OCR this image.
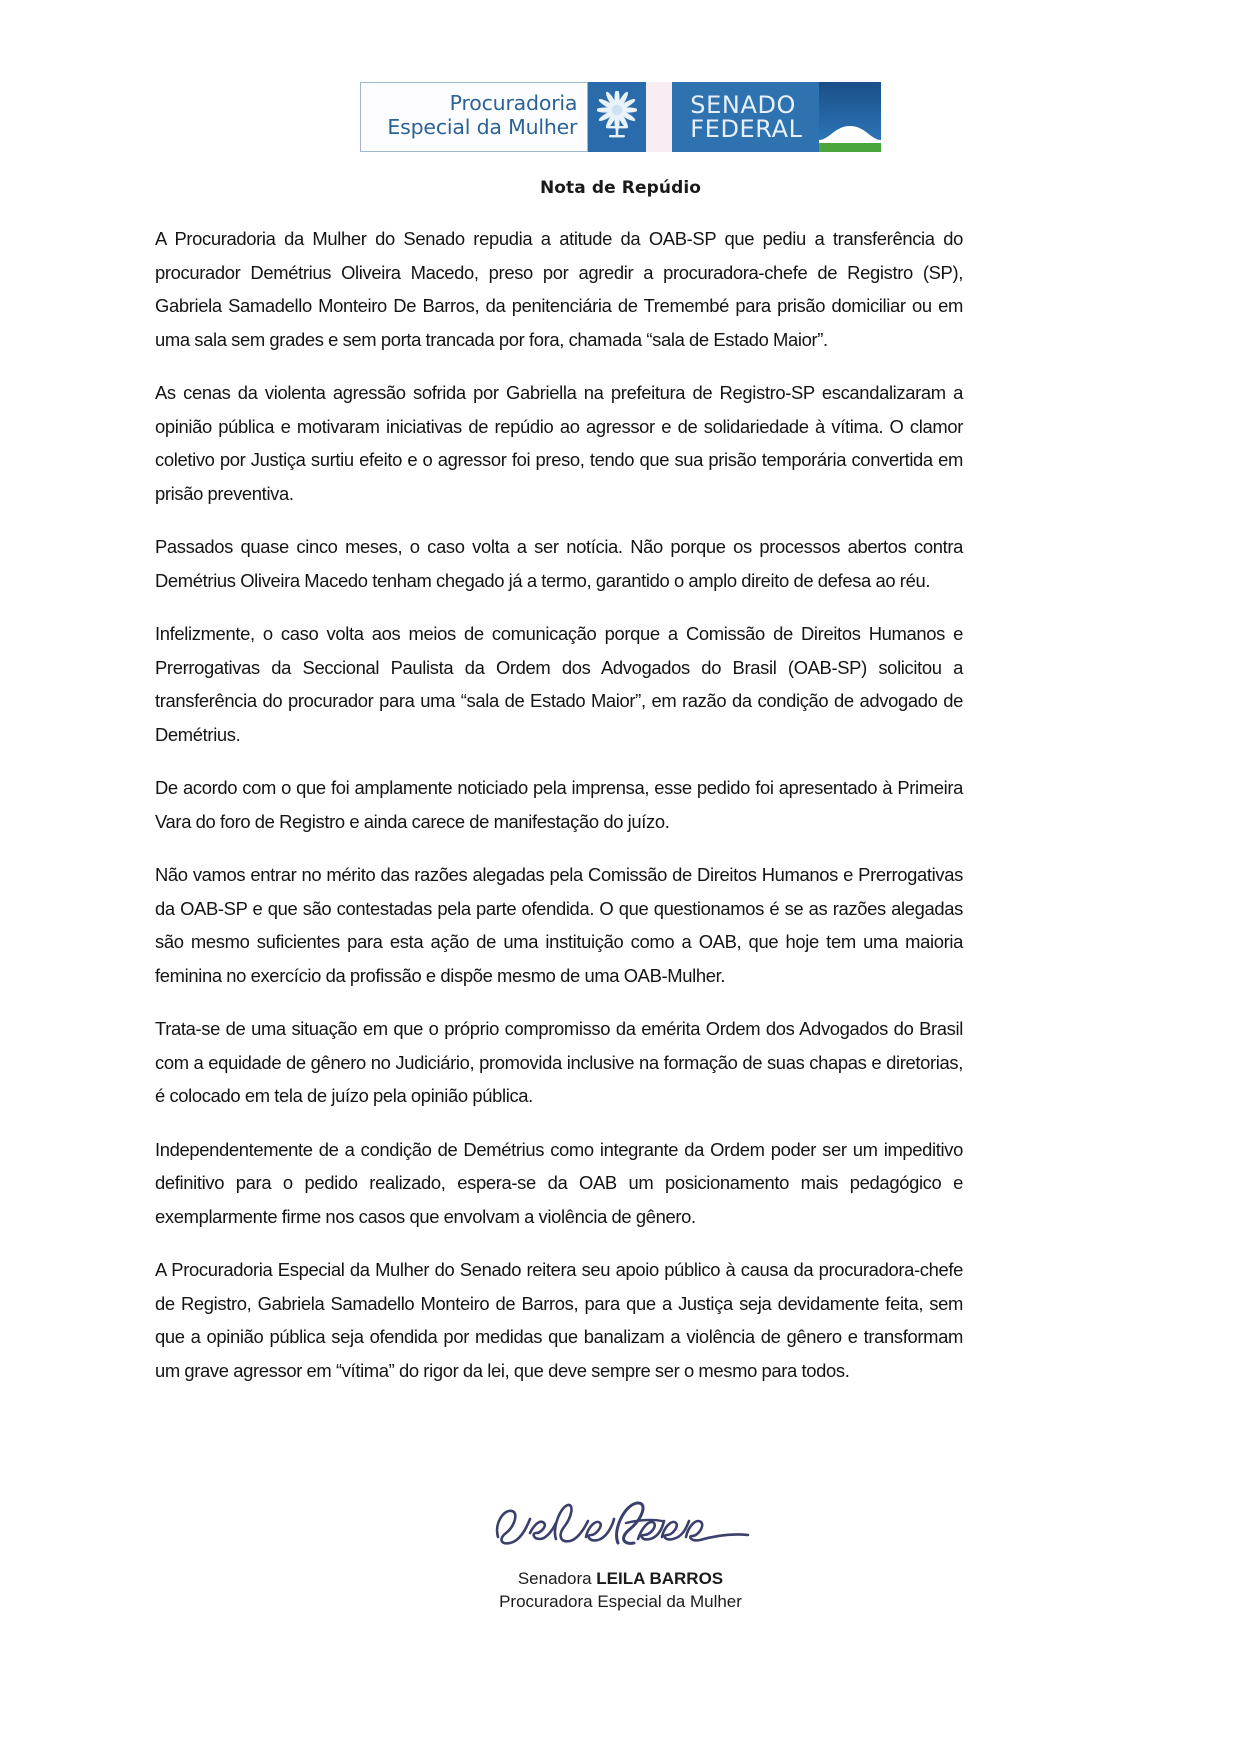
Procuradoria
Especial da Mulher
SENADO
FEDERAL
Nota de Repúdio

A Procuradoria da Mulher do Senado repudia a atitude da OAB-SP que pediu a transferência do procurador Demétrius Oliveira Macedo, preso por agredir a procuradora-chefe de Registro (SP), Gabriela Samadello Monteiro De Barros, da penitenciária de Tremembé para prisão domiciliar ou em uma sala sem grades e sem porta trancada por fora, chamada “sala de Estado Maior”.

As cenas da violenta agressão sofrida por Gabriella na prefeitura de Registro-SP escandalizaram a opinião pública e motivaram iniciativas de repúdio ao agressor e de solidariedade à vítima. O clamor coletivo por Justiça surtiu efeito e o agressor foi preso, tendo que sua prisão temporária convertida em prisão preventiva.

Passados quase cinco meses, o caso volta a ser notícia. Não porque os processos abertos contra Demétrius Oliveira Macedo tenham chegado já a termo, garantido o amplo direito de defesa ao réu.

Infelizmente, o caso volta aos meios de comunicação porque a Comissão de Direitos Humanos e Prerrogativas da Seccional Paulista da Ordem dos Advogados do Brasil (OAB-SP) solicitou a transferência do procurador para uma “sala de Estado Maior”, em razão da condição de advogado de Demétrius.

De acordo com o que foi amplamente noticiado pela imprensa, esse pedido foi apresentado à Primeira Vara do foro de Registro e ainda carece de manifestação do juízo.

Não vamos entrar no mérito das razões alegadas pela Comissão de Direitos Humanos e Prerrogativas da OAB-SP e que são contestadas pela parte ofendida. O que questionamos é se as razões alegadas são mesmo suficientes para esta ação de uma instituição como a OAB, que hoje tem uma maioria feminina no exercício da profissão e dispõe mesmo de uma OAB-Mulher.

Trata-se de uma situação em que o próprio compromisso da emérita Ordem dos Advogados do Brasil com a equidade de gênero no Judiciário, promovida inclusive na formação de suas chapas e diretorias, é colocado em tela de juízo pela opinião pública.

Independentemente de a condição de Demétrius como integrante da Ordem poder ser um impeditivo definitivo para o pedido realizado, espera-se da OAB um posicionamento mais pedagógico e exemplarmente firme nos casos que envolvam a violência de gênero.

A Procuradoria Especial da Mulher do Senado reitera seu apoio público à causa da procuradora-chefe de Registro, Gabriela Samadello Monteiro de Barros, para que a Justiça seja devidamente feita, sem que a opinião pública seja ofendida por medidas que banalizam a violência de gênero e transformam um grave agressor em “vítima” do rigor da lei, que deve sempre ser o mesmo para todos.

Senadora LEILA BARROS
Procuradora Especial da Mulher
